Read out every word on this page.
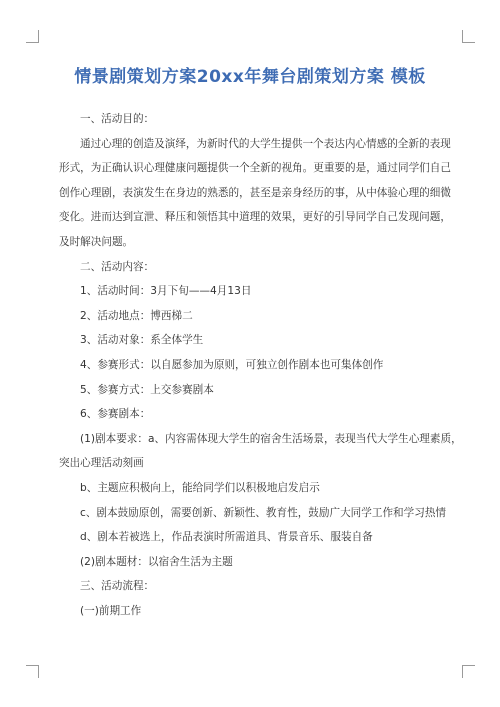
情景剧策划方案20xx年舞台剧策划方案 模板
一、活动目的：
通过心理的创造及演绎，为新时代的大学生提供一个表达内心情感的全新的表现
形式，为正确认识心理健康问题提供一个全新的视角。更重要的是，通过同学们自己
创作心理剧，表演发生在身边的熟悉的，甚至是亲身经历的事，从中体验心理的细微
变化。进而达到宣泄、释压和领悟其中道理的效果，更好的引导同学自己发现问题，
及时解决问题。
二、活动内容：
1、活动时间：3月下旬——4月13日
2、活动地点：博西梯二
3、活动对象：系全体学生
4、参赛形式：以自愿参加为原则，可独立创作剧本也可集体创作
5、参赛方式：上交参赛剧本
6、参赛剧本：
(1)剧本要求：a、内容需体现大学生的宿舍生活场景，表现当代大学生心理素质，
突出心理活动刻画
b、主题应积极向上，能给同学们以积极地启发启示
c、剧本鼓励原创，需要创新、新颖性、教育性，鼓励广大同学工作和学习热情
d、剧本若被选上，作品表演时所需道具、背景音乐、服装自备
(2)剧本题材：以宿舍生活为主题
三、活动流程：
(一)前期工作
